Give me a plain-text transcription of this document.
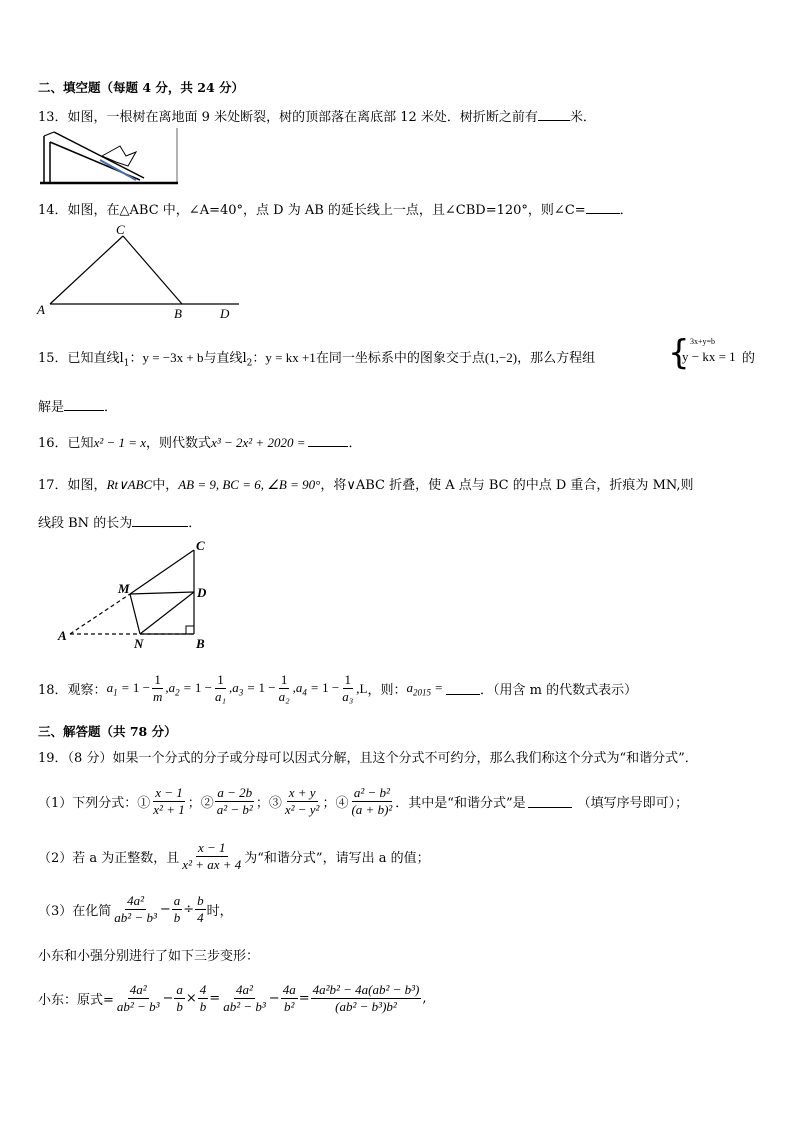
二、填空题（每题 4 分，共 24 分）
13．如图，一根树在离地面 9 米处断裂，树的顶部落在离底部 12 米处．树折断之前有 米．
14．如图，在△ABC 中，∠A=40°，点 D 为 AB 的延长线上一点，且∠CBD=120°，则∠C=	．
C
A	B	D
15．已知直线$l_1$：y = −3x + b与直线$l_2$：y = kx +1在同一坐标系中的图象交于点(1,−2)，那么方程组 { 3x+y=b
y − kx = 1 的
解是	．
16．已知x² − 1 = x，则代数式x³ − 2x² + 2020 =	．
17．如图，Rt∨ABC中，AB = 9, BC = 6, ∠B = 90°，将∨ABC 折叠，使 A 点与 BC 的中点 D 重合，折痕为 MN,则
线段 BN 的长为	．
C
D
B
M
N
A
18． 观察： $a_1 = 1 - \frac{1}{m} ,a_2 = 1 - \frac{1}{\text{a₁}} ,a_3 = 1 - \frac{1}{\text{a₂}} ,a_4 = 1 - \frac{1}{\text{a₃}} ,L$ ，则： $a_{2015}$ =	．（用含 m 的代数式表示）
三、解答题（共 78 分）
19．（8 分）如果一个分式的分子或分母可以因式分解，且这个分式不可约分，那么我们称这个分式为“和谐分式”．
（1）下列分式：① $\frac{x - 1}{\text{x² + 1}}$ ；② $\frac{a - 2b}{\text{a² − b²}}$ ；③ $\frac{x + y}{\text{x² − y²}}$ ；④ $\frac{\text{a² − b²}}{\text{(a + b)²}}$ ．其中是“和谐分式”是	（填写序号即可）；
（2）若 a 为正整数，且 $\frac{x - 1}{\text{x² + ax + 4}}$ 为“和谐分式”，请写出 a 的值；
（3）在化简 $\frac{\text{4a²}}{\text{ab² − b³}} - \frac{a}{b} \div \frac{b}{4}$ 时，
小东和小强分别进行了如下三步变形：
小东：原式= $\frac{\text{4a²}}{\text{ab² − b³}} - \frac{a}{b} \times \frac{4}{b} = \frac{\text{4a²}}{\text{ab² − b³}} - \frac{4a}{\text{b²}} = \frac{\text{4a²b² − 4a(ab² − b³)}}{\text{(ab² − b³)b²}}$ ,
